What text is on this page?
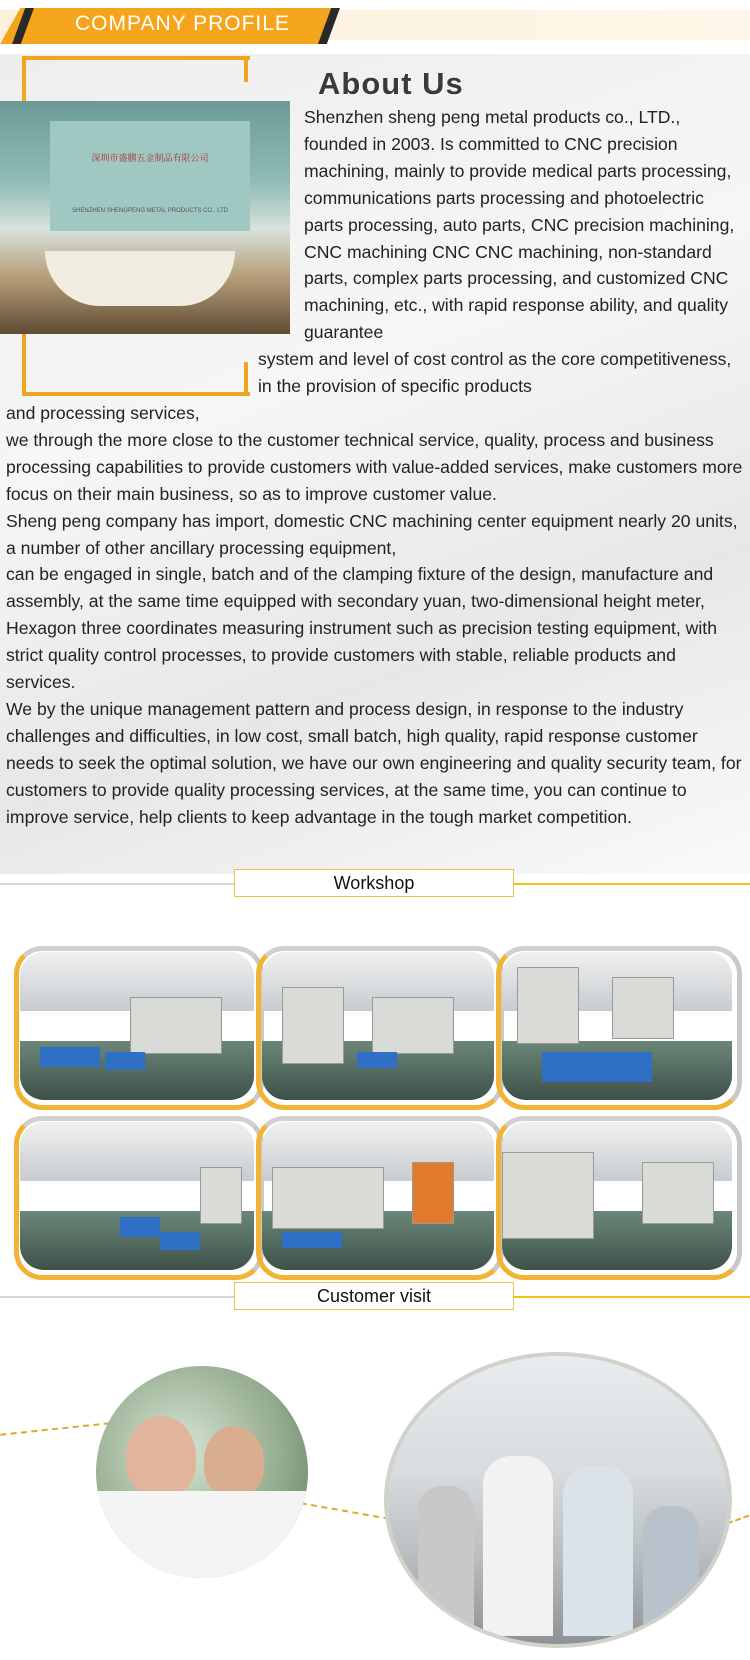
COMPANY PROFILE
深圳市盛鹏五金制品有限公司
SHENZHEN SHENGPENG METAL PRODUCTS CO., LTD
About Us
Shenzhen sheng peng metal products co., LTD., founded in 2003. Is committed to CNC precision machining, mainly to provide medical parts processing, communications parts processing and photoelectric parts processing, auto parts, CNC precision machining, CNC machining CNC CNC machining, non-standard parts, complex parts processing, and customized CNC machining, etc., with rapid response ability, and quality guarantee
system and level of cost control as the core competitiveness, in the provision of specific products
and processing services,
we through the more close to the customer technical service, quality, process and business processing capabilities to provide customers with value-added services, make customers more focus on their main business, so as to improve customer value.
Sheng peng company has import, domestic CNC machining center equipment nearly 20 units, a number of other ancillary processing equipment,
can be engaged in single, batch and of the clamping fixture of the design, manufacture and assembly, at the same time equipped with secondary yuan, two-dimensional height meter, Hexagon three coordinates measuring instrument such as precision testing equipment, with strict quality control processes, to provide customers with stable, reliable products and services.
We by the unique management pattern and process design, in response to the industry challenges and difficulties, in low cost, small batch, high quality, rapid response customer needs to seek the optimal solution, we have our own engineering and quality security team, for customers to provide quality processing services, at the same time, you can continue to improve service, help clients to keep advantage in the tough market competition.
Workshop
Customer visit
